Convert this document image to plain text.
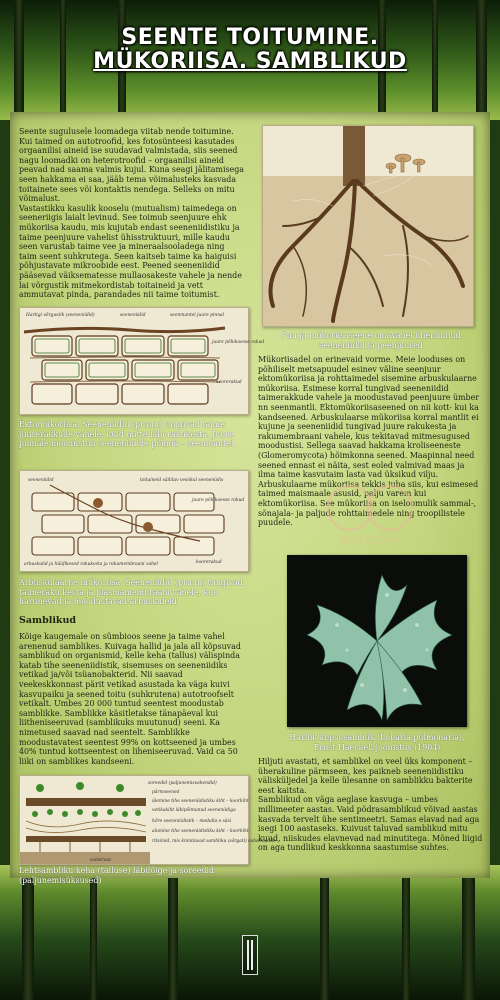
SEENTE TOITUMINE.
MÜKORIISA. SAMBLIKUD

Seente sugulusele loomadega viitab nende toitumine. Kui taimed on autotroofid, kes fotosünteesi kasutades orgaanilisi aineid ise suudavad valmistada, siis seened nagu loomadki on heterotroofid – orgaanilisi aineid peavad nad saama valmis kujul. Kuna seagi jälitamisega seen hakkama ei saa, jääb tema võimalusteks kasvada toitainete sees või kontaktis nendega. Selleks on mitu võimalust.
Vastastikku kasulik kooselu (mutualism) taimedega on seeneriigis laialt levinud. See toimub seenjuure ehk mükoriisa kaudu, mis kujutab endast seeneniidistiku ja taime peenjuure vahelist ühisstruktuuri, mille kaudu seen varustab taime vee ja mineraalsooladega ning taim seent suhkrutega. Seen kaitseb taime ka haiguisi põhjustavate mikroobide eest. Peened seeneniidid pääsevad väiksematesse mullaosakeste vahele ja nende lai võrgustik mitmekordistab toitaineid ja vett ammutavat pinda, parandades nii taime toitumist.

Hartigi võrgustik (seeneniidid)	seeneniidid	seenmantel juure pinnal
juure põhikoesse rakud
koorerakud

Ektomükoriisa. Seeneniidid (pruun) tungivad taime juurerakkude vahele, kuid mitte läbi rakukesta. Juure pinnale moodustub seeneniidide põimik – seenmantel.

seeneniidid	toitaineid säilitav vesiikul seeneniidis
juure põhikoesse rakud
koorerakud
arbuskulid ja hüüfikesed rakukesta ja rakumembraani vahel

Arbuskulaarne mükoriisa. Seeneniidid (pruun) tungivad taimeraku kesta ja plasmamembraani vahele, kus harunevad ja moodustavad arbuskuleid.

Samblikud

Kõige kaugemale on sümbioos seene ja taime vahel arenenud samblikes. Kuivaga hallid ja jala all kõpsuvad samblikud on organismid, kelle keha (tallus) välispinda katab tihe seeneniidistik, sisemuses on seeneniidiks vetikad ja/või tsüanobakterid. Nii saavad veekeskkonnast pärit vetikad asustada ka väga kuivi kasvupaiku ja seened toitu (suhkrutena) autotroofselt vetikalt. Umbes 20 000 tuntud seentest moodustab samblikke. Samblikke käsitletakse tänapäeval kui liitheniseeruvad (samblikuks muutunud) seeni. Ka nimetused saavad nad seentelt. Samblikke moodustavatest seentest 99% on kottseened ja umbes 40% tuntud kottseentest on liheniseeruvad. Vaid ca 50 liiki on samblikes kandseeni.

soreedid (paljunemisvahendid)
pärmseened
ülemine tihe seeneniidistiku kiht – koorkiht
vetikakiht läbipõimunud seeneniidiga
hõre seeneniidistik – medulla e säsi
alumine tihe seeneniidistiku kiht – koorkiht
ritsiinid, mis kinnitavad sambliku (sõrgati) substraadile
substraat

Lehtsambliku keha (talluse) läbilõige ja soreedid (paljunemisüksused)

Puu ja mükoriisaseene omavahel ühendunud seeneniidid ja peenjuured

Mükoriisadel on erinevaid vorme. Meie looduses on põhiliselt metsapuudel esinev väline seenjuur ektomükoriisa ja rohttaimedel sisemine arbuskulaarne mükoriisa. Esimese korral tungivad seeneniidid taimerakkude vahele ja moodustavad peenjuure ümber nn seenmantli. Ektomükoriisaseened on nii kott- kui ka kandseened. Arbuskulaarse mükoriisa korral mantlit ei kujune ja seeneniidid tungivad juure rakukesta ja rakumembraani vahele, kus tekitavad mitmesugused moodustisi. Sellega saavad hakkama kroliseeneste (Glomeromycota) hõimkonna seened. Maapinnal need seened ennast ei näita, sest eoled valmivad maas ja ilma taime kasvutaim lasta vad üksikud vilju. Arbuskulaarne mükoriisa tekkis juba siis, kui esimesed taimed maismaale asusid, palju varem kui ektomükoriisa. See mükoriisa on iseloomulik sammal-, sõnajala- ja paljude rohttaimedele ning troopilistele puudele.

Red Chryn

Harilik kopsusamblik (Lobaria pulmonaria), Ernst Haeckeli joonistus (1904)

Hiljuti avastati, et samblikel on veel üks komponent – üherakuline pärmseen, kes paikneb seeneniidistiku välisküljedel ja kelle ülesanne on samblikku bakterite eest kaitsta.
Samblikud on väga aeglase kasvuga – umbes millimeeter aastas. Vaid põdrasamblikud võivad aastas kasvada tervelt ühe sentimeetri. Samas elavad nad aga isegi 100 aastaseks. Kuivust taluvad samblikud mitu kuud, niiskudes elavnevad nad minutitega. Mõned liigid on aga tundlikud keskkonna saastumise suhtes.
